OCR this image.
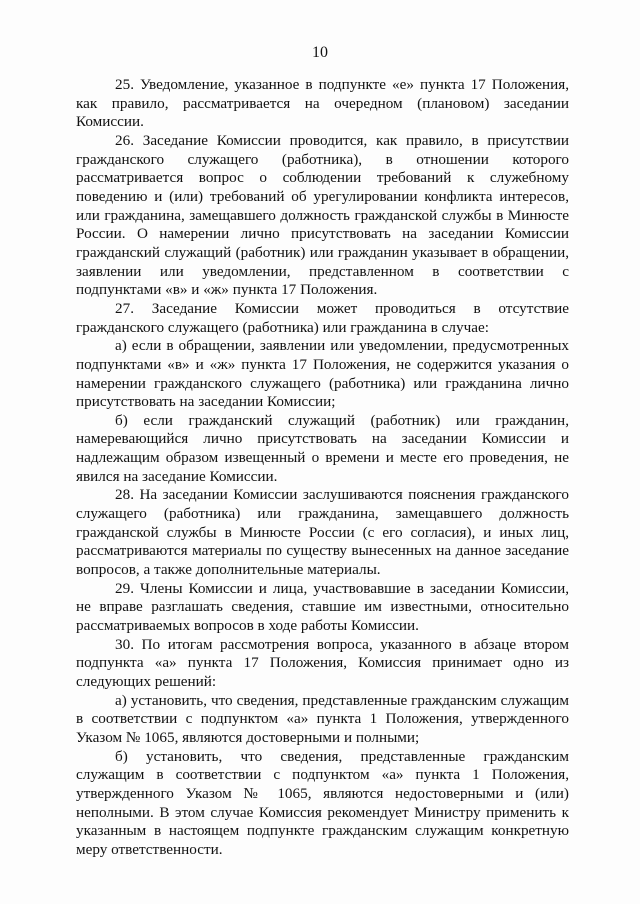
10

25. Уведомление, указанное в подпункте «е» пункта 17 Положения, как правило, рассматривается на очередном (плановом) заседании Комиссии.

26. Заседание Комиссии проводится, как правило, в присутствии гражданского служащего (работника), в отношении которого рассматривается вопрос о соблюдении требований к служебному поведению и (или) требований об урегулировании конфликта интересов, или гражданина, замещавшего должность гражданской службы в Минюсте России. О намерении лично присутствовать на заседании Комиссии гражданский служащий (работник) или гражданин указывает в обращении, заявлении или уведомлении, представленном в соответствии с подпунктами «в» и «ж» пункта 17 Положения.

27. Заседание Комиссии может проводиться в отсутствие гражданского служащего (работника) или гражданина в случае:

а) если в обращении, заявлении или уведомлении, предусмотренных подпунктами «в» и «ж» пункта 17 Положения, не содержится указания о намерении гражданского служащего (работника) или гражданина лично присутствовать на заседании Комиссии;

б) если гражданский служащий (работник) или гражданин, намеревающийся лично присутствовать на заседании Комиссии и надлежащим образом извещенный о времени и месте его проведения, не явился на заседание Комиссии.

28. На заседании Комиссии заслушиваются пояснения гражданского служащего (работника) или гражданина, замещавшего должность гражданской службы в Минюсте России (с его согласия), и иных лиц, рассматриваются материалы по существу вынесенных на данное заседание вопросов, а также дополнительные материалы.

29. Члены Комиссии и лица, участвовавшие в заседании Комиссии, не вправе разглашать сведения, ставшие им известными, относительно рассматриваемых вопросов в ходе работы Комиссии.

30. По итогам рассмотрения вопроса, указанного в абзаце втором подпункта «а» пункта 17 Положения, Комиссия принимает одно из следующих решений:

а) установить, что сведения, представленные гражданским служащим в соответствии с подпунктом «а» пункта 1 Положения, утвержденного Указом № 1065, являются достоверными и полными;

б) установить, что сведения, представленные гражданским служащим в соответствии с подпунктом «а» пункта 1 Положения, утвержденного Указом № 1065, являются недостоверными и (или) неполными. В этом случае Комиссия рекомендует Министру применить к указанным в настоящем подпункте гражданским служащим конкретную меру ответственности.
